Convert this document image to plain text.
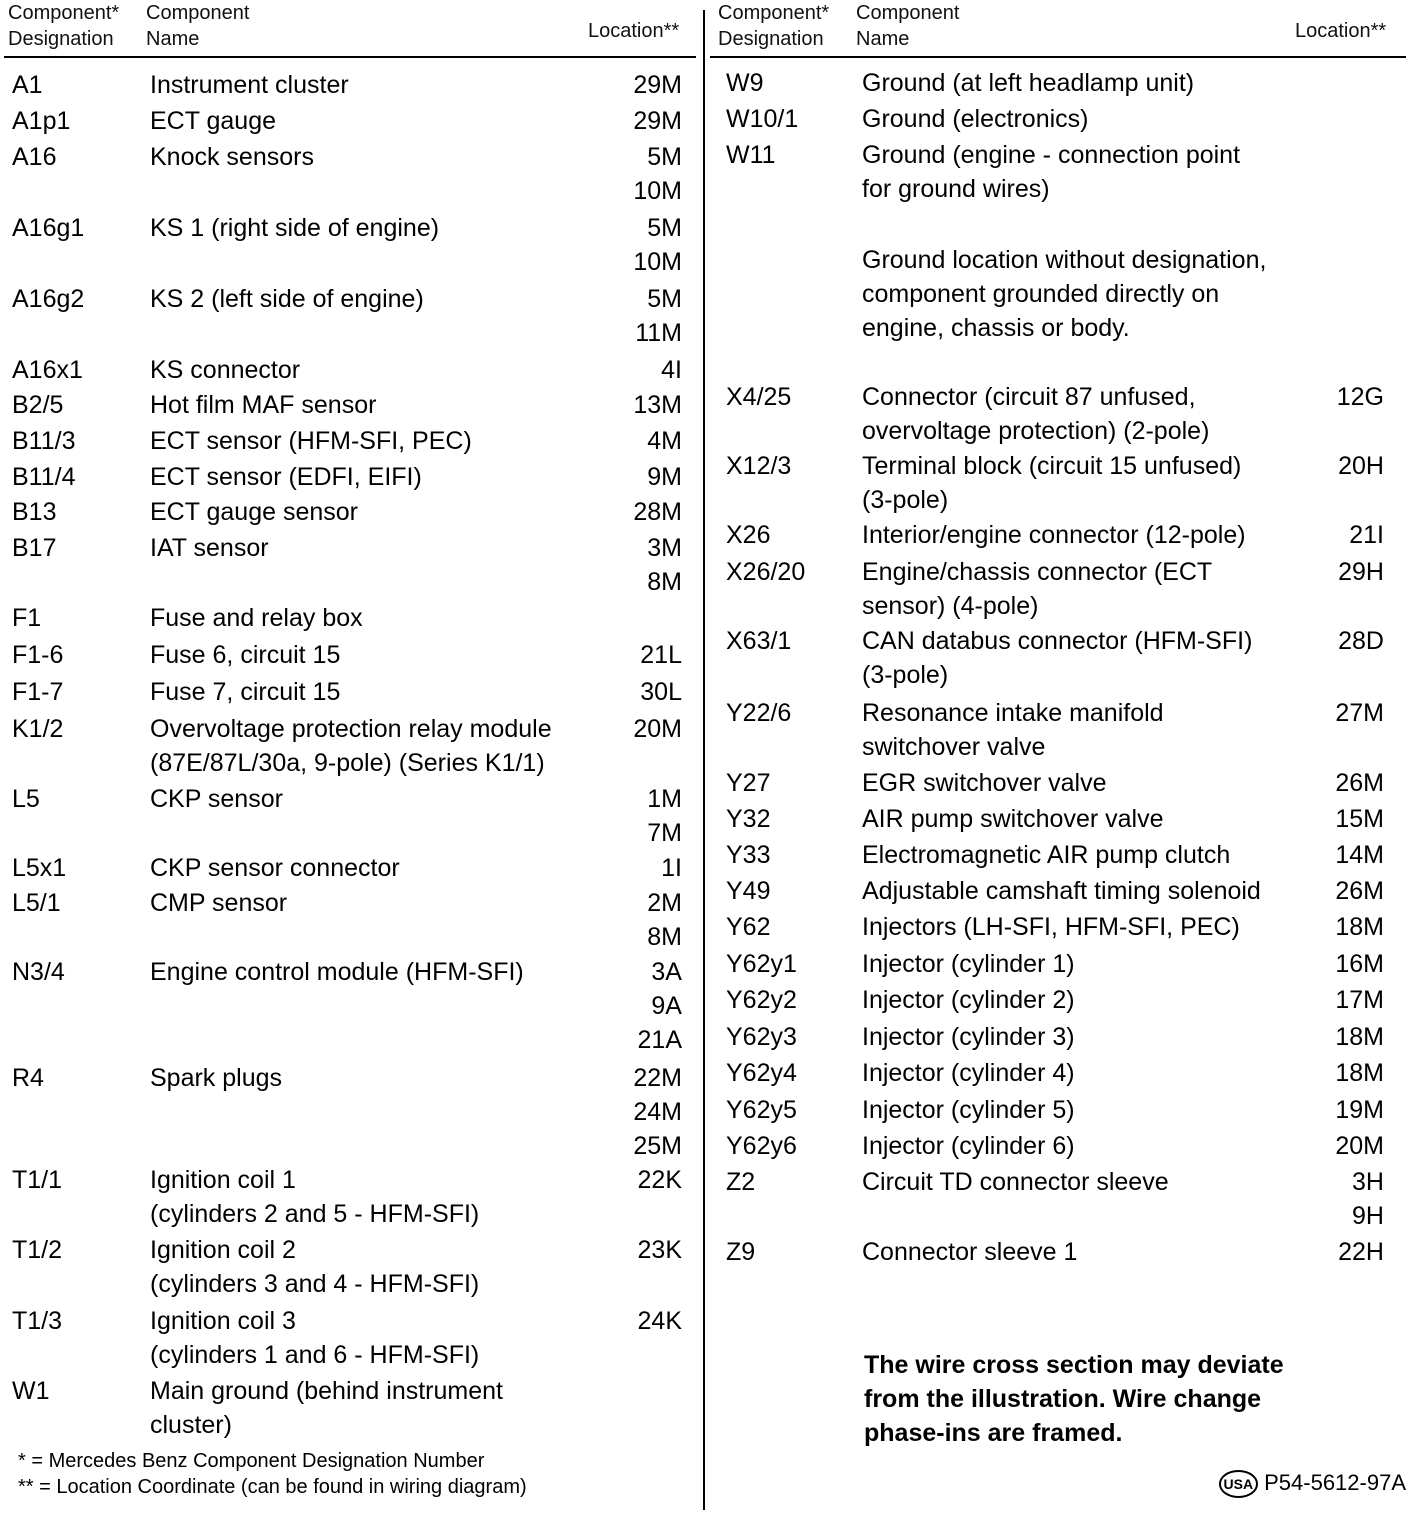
Component*
Designation
Component
Name	Location**
A1	Instrument cluster	29M
A1p1	ECT gauge	29M
A16	Knock sensors	5M
10M
A16g1	KS 1 (right side of engine)	5M
10M
A16g2	KS 2 (left side of engine)	5M
11M
A16x1	KS connector	4I
B2/5	Hot film MAF sensor	13M
B11/3	ECT sensor (HFM-SFI, PEC)	4M
B11/4	ECT sensor (EDFI, EIFI)	9M
B13	ECT gauge sensor	28M
B17	IAT sensor	3M
8M
F1	Fuse and relay box
F1-6	Fuse 6, circuit 15	21L
F1-7	Fuse 7, circuit 15	30L
K1/2	Overvoltage protection relay module
(87E/87L/30a, 9-pole) (Series K1/1)
20M
L5	CKP sensor	1M
7M
L5x1	CKP sensor connector	1I
L5/1	CMP sensor	2M
8M
N3/4	Engine control module (HFM-SFI)	3A
9A
21A
R4	Spark plugs	22M
24M
25M
T1/1	Ignition coil 1
(cylinders 2 and 5 - HFM-SFI)
22K
T1/2	Ignition coil 2
(cylinders 3 and 4 - HFM-SFI)
23K
T1/3	Ignition coil 3
(cylinders 1 and 6 - HFM-SFI)
24K
W1	Main ground (behind instrument
cluster)
Component*
Designation
Component
Name	Location**
W9	Ground (at left headlamp unit)
W10/1	Ground (electronics)
W11	Ground (engine - connection point
for ground wires)
Ground location without designation,
component grounded directly on
engine, chassis or body.
X4/25	Connector (circuit 87 unfused,
overvoltage protection) (2-pole)
12G
X12/3	Terminal block (circuit 15 unfused)
(3-pole)
20H
X26	Interior/engine connector (12-pole)	21I
X26/20 Engine/chassis connector (ECT
sensor) (4-pole)
29H
X63/1	CAN databus connector (HFM-SFI)
(3-pole)
28D
Y22/6	Resonance intake manifold
switchover valve
27M
Y27	EGR switchover valve	26M
Y32	AIR pump switchover valve	15M
Y33	Electromagnetic AIR pump clutch	14M
Y49	Adjustable camshaft timing solenoid	26M
Y62	Injectors (LH-SFI, HFM-SFI, PEC)	18M
Y62y1	Injector (cylinder 1)	16M
Y62y2	Injector (cylinder 2)	17M
Y62y3	Injector (cylinder 3)	18M
Y62y4	Injector (cylinder 4)	18M
Y62y5	Injector (cylinder 5)	19M
Y62y6	Injector (cylinder 6)	20M
Z2	Circuit TD connector sleeve	3H
9H
Z9	Connector sleeve 1	22H
* = Mercedes Benz Component Designation Number
** = Location Coordinate (can be found in wiring diagram)
The wire cross section may deviate from the illustration. Wire change phase-ins are framed.
USA P54-5612-97A
